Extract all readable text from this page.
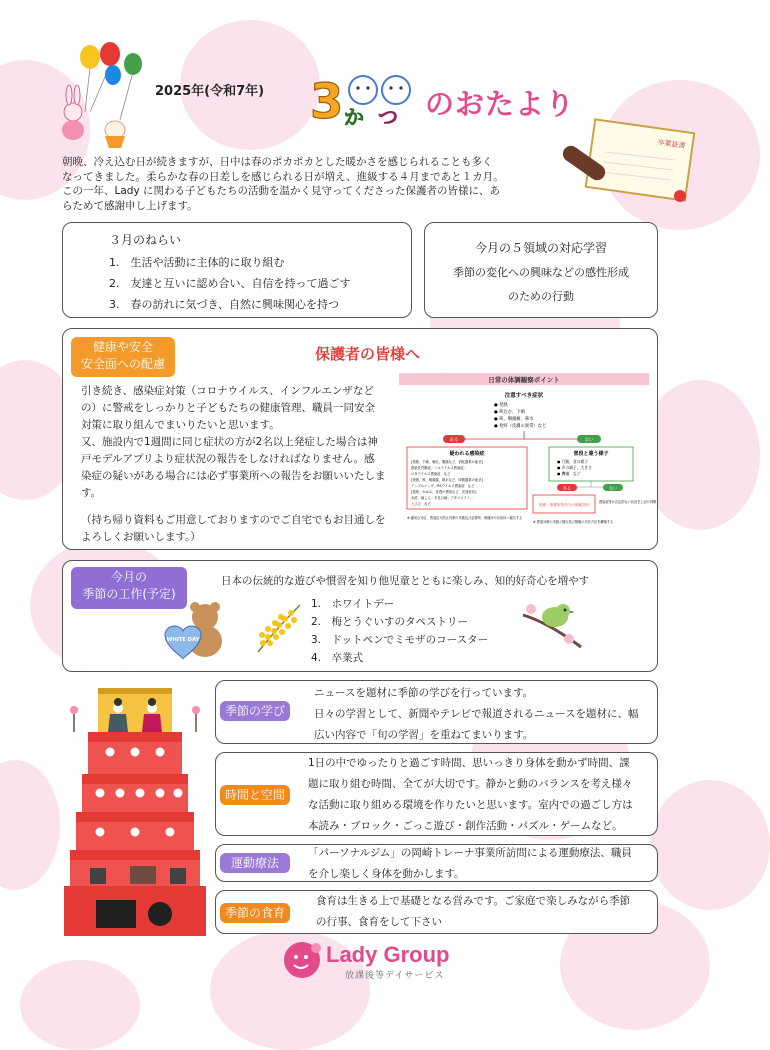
2025年(令和7年) 3 か つ のおたより
卒業証書
朝晩、冷え込む日が続きますが、日中は春のポカポカとした暖かさを感じられることも多く
なってきました。柔らかな春の日差しを感じられる日が増え、進級する４月まであと１カ月。
この一年、Lady に関わる子どもたちの活動を温かく見守ってくださった保護者の皆様に、あ
らためて感謝申し上げます。
３月のねらい
1.　生活や活動に主体的に取り組む
2.　友達と互いに認め合い、自信を持って過ごす
3.　春の訪れに気づき、自然に興味関心を持つ
今月の５領域の対応学習
季節の変化への興味などの感性形成
のための行動
健康や安全
安全面への配慮
保護者の皆様へ
引き続き、感染症対策（コロナウイルス、インフルエンザなど
の）に警戒をしっかりと子どもたちの健康管理、職員一同安全
対策に取り組んでまいりたいと思います。
又、施設内で1週間に同じ症状の方が2名以上発症した場合は神
戸モデルアプリより症状況の報告をしなければなりません。感
染症の疑いがある場合には必ず事業所への報告をお願いいたしま
す。
（持ち帰り資料もご用意しておりますのでご自宅でもお目通しを
よろしくお願いします。）
日常の体調観察ポイント
注意すべき症状
● 発熱
● 咳込む、下痢
● 咳、咽頭痛、鼻水
● 発疹（皮膚の異常）など
ある	ない
疑われる感染症
[発熱、下痢、嘔吐、腹痛など、消化器系の症状]
感染性胃腸炎／ノロウイルス感染症／
ロタウイルス感染症　など
[発熱、咳、咽頭痛、鼻水など、呼吸器系の症状]
インフルエンザ／RSウイルス感染症　など
[発疹、かゆみ、皮膚の異常など、皮膚症状]
水痘／麻しん／手足口病／アタマジラミ／
とびひ　など
※ 適切な対応、感染拡大防止対策の実施及び必要時、保健所や自治体へ報告する
普段と違う様子
● 行動、食の様子
● 声の調子、大きさ
● 機嫌　など
ある	ない
医療・事業所等内での情報共有
感染症等が否定的ない状況を上記の判断
※ 感染対策の実施と随行及び情報の共有方法を構築する
今月の
季節の工作(予定)
日本の伝統的な遊びや慣習を知り他児童とともに楽しみ、知的好奇心を増やす
1.　ホワイトデー
2.　梅とうぐいすのタペストリー
3.　ドットペンでミモザのコースター
4.　卒業式
WHITE DAY
季節の学び
ニュースを題材に季節の学びを行っています。
日々の学習として、新聞やテレビで報道されるニュースを題材に、幅
広い内容で「旬の学習」を重ねてまいります。
時間と空間
1日の中でゆったりと過ごす時間、思いっきり身体を動かず時間、課
題に取り組む時間、全てが大切です。静かと動のバランスを考え様々
な活動に取り組める環境を作りたいと思います。室内での過ごし方は
本読み・ブロック・ごっこ遊び・創作活動・パズル・ゲームなど。
運動療法
「パーソナルジム」の岡崎トレーナ事業所訪問による運動療法、職員
を介し楽しく身体を動かします。
季節の食育
食育は生きる上で基礎となる営みです。ご家庭で楽しみながら季節
の行事、食育をして下さい
Lady Group
放課後等デイサービス
